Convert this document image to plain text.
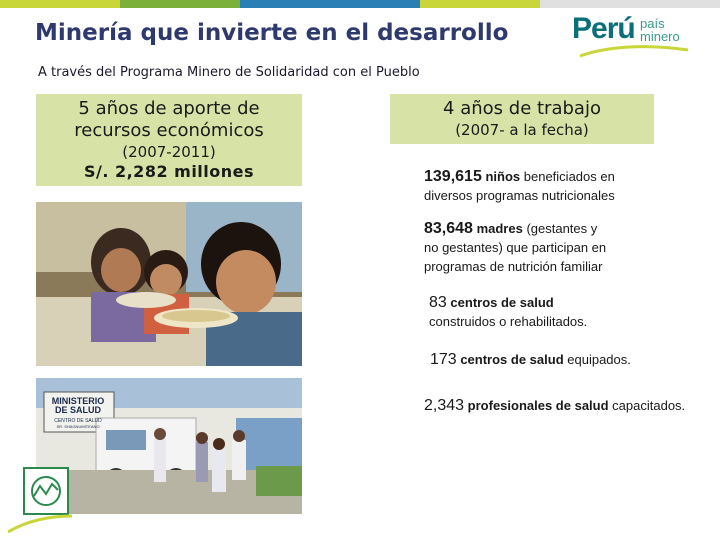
Minería que invierte en el desarrollo
A través del Programa Minero de Solidaridad con el Pueblo
Perú país
minero
5 años de aporte de
recursos económicos
(2007-2011)
S/. 2,282 millones
4 años de trabajo
(2007- a la fecha)
MINISTERIO
DE SALUD
CENTRO DE SALUD
SR. SHAGNUMITEANO
139,615 niños beneficiados en
diversos programas nutricionales
83,648 madres (gestantes y
no gestantes) que participan en
programas de nutrición familiar
83 centros de salud
construidos o rehabilitados.
173 centros de salud equipados.
2,343 profesionales de salud capacitados.
